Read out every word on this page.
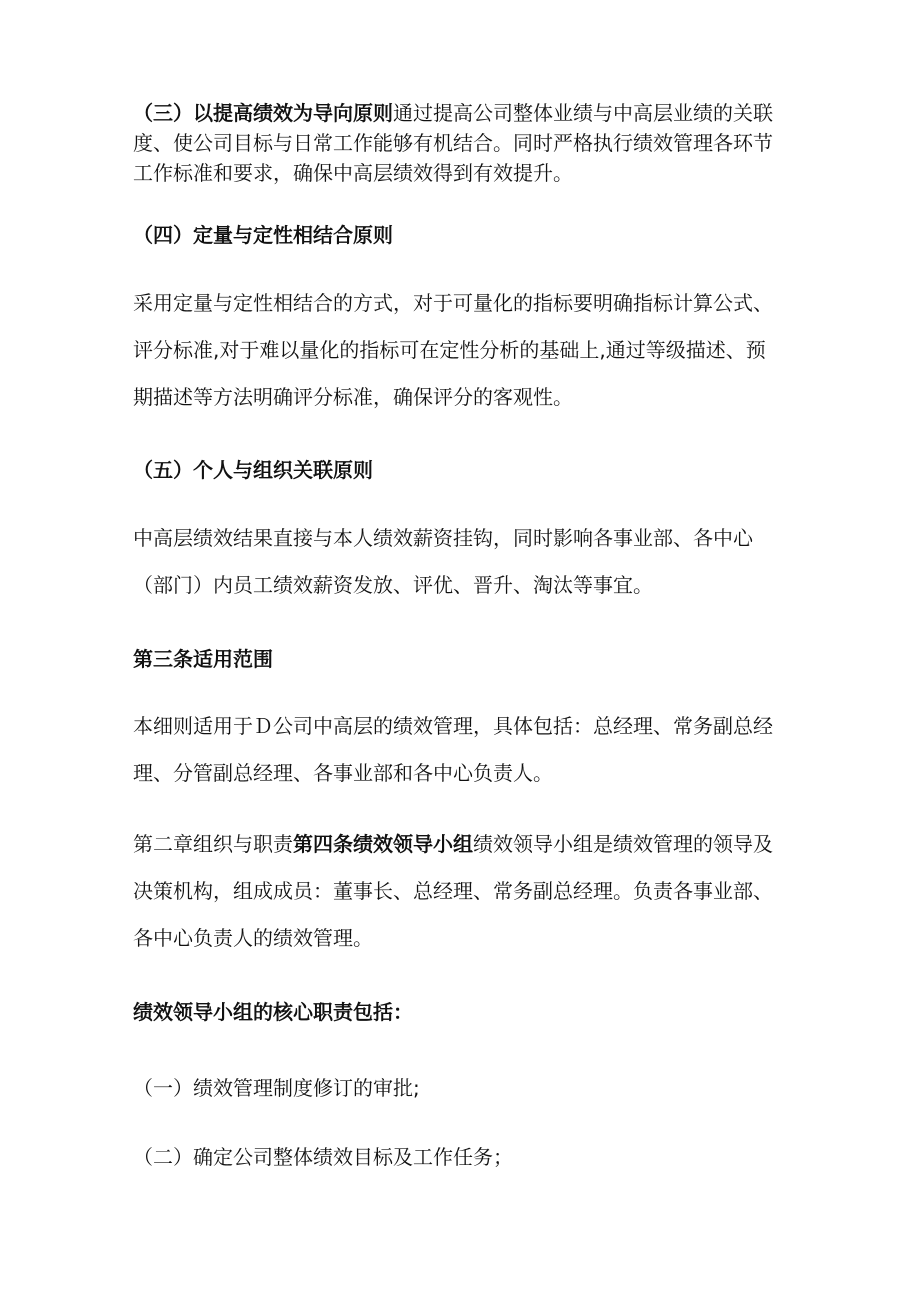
（三）以提高绩效为导向原则通过提高公司整体业绩与中高层业绩的关联
度、使公司目标与日常工作能够有机结合。同时严格执行绩效管理各环节
工作标准和要求，确保中高层绩效得到有效提升。
（四）定量与定性相结合原则
采用定量与定性相结合的方式，对于可量化的指标要明确指标计算公式、
评分标准,对于难以量化的指标可在定性分析的基础上,通过等级描述、预
期描述等方法明确评分标准，确保评分的客观性。
（五）个人与组织关联原则
中高层绩效结果直接与本人绩效薪资挂钩，同时影响各事业部、各中心
（部门）内员工绩效薪资发放、评优、晋升、淘汰等事宜。
第三条适用范围
本细则适用于Ｄ公司中高层的绩效管理，具体包括：总经理、常务副总经
理、分管副总经理、各事业部和各中心负责人。
第二章组织与职责第四条绩效领导小组绩效领导小组是绩效管理的领导及
决策机构，组成成员：董事长、总经理、常务副总经理。负责各事业部、
各中心负责人的绩效管理。
绩效领导小组的核心职责包括：
（一）绩效管理制度修订的审批;
（二）确定公司整体绩效目标及工作任务；
